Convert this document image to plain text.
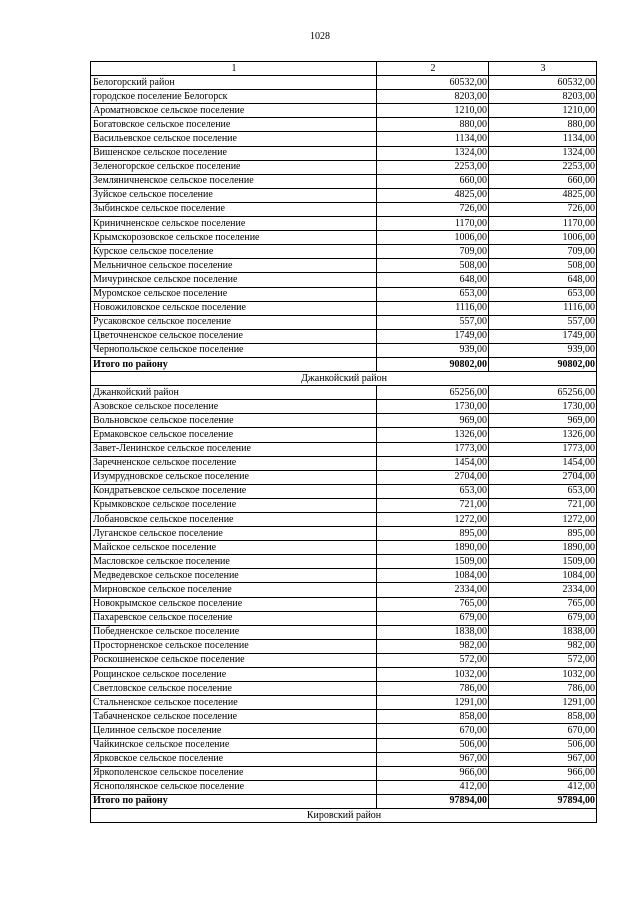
1028
1	2	3
Белогорский район	60532,00	60532,00
городское поселение Белогорск	8203,00	8203,00
Ароматновское сельское поселение	1210,00	1210,00
Богатовское сельское поселение	880,00	880,00
Васильевское сельское поселение	1134,00	1134,00
Вишенское сельское поселение	1324,00	1324,00
Зеленогорское сельское поселение	2253,00	2253,00
Земляничненское сельское поселение	660,00	660,00
Зуйское сельское поселение	4825,00	4825,00
Зыбинское сельское поселение	726,00	726,00
Криничненское сельское поселение	1170,00	1170,00
Крымскорозовское сельское поселение	1006,00	1006,00
Курское сельское поселение	709,00	709,00
Мельничное сельское поселение	508,00	508,00
Мичуринское сельское поселение	648,00	648,00
Муромское сельское поселение	653,00	653,00
Новожиловское сельское поселение	1116,00	1116,00
Русаковское сельское поселение	557,00	557,00
Цветочненское сельское поселение	1749,00	1749,00
Чернопольское сельское поселение	939,00	939,00
Итого по району	90802,00	90802,00
Джанкойский район		
Джанкойский район	65256,00	65256,00
Азовское сельское поселение	1730,00	1730,00
Вольновское сельское поселение	969,00	969,00
Ермаковское сельское поселение	1326,00	1326,00
Завет-Ленинское сельское поселение	1773,00	1773,00
Заречненское сельское поселение	1454,00	1454,00
Изумрудновское сельское поселение	2704,00	2704,00
Кондратьевское сельское поселение	653,00	653,00
Крымковское сельское поселение	721,00	721,00
Лобановское сельское поселение	1272,00	1272,00
Луганское сельское поселение	895,00	895,00
Майское сельское поселение	1890,00	1890,00
Масловское сельское поселение	1509,00	1509,00
Медведевское сельское поселение	1084,00	1084,00
Мирновское сельское поселение	2334,00	2334,00
Новокрымское сельское поселение	765,00	765,00
Пахаревское сельское поселение	679,00	679,00
Победненское сельское поселение	1838,00	1838,00
Просторненское сельское поселение	982,00	982,00
Роскошненское сельское поселение	572,00	572,00
Рощинское сельское поселение	1032,00	1032,00
Светловское сельское поселение	786,00	786,00
Стальненское сельское поселение	1291,00	1291,00
Табачненское сельское поселение	858,00	858,00
Целинное сельское поселение	670,00	670,00
Чайкинское сельское поселение	506,00	506,00
Ярковское сельское поселение	967,00	967,00
Яркополенское сельское поселение	966,00	966,00
Яснополянское сельское поселение	412,00	412,00
Итого по району	97894,00	97894,00
Кировский район		
